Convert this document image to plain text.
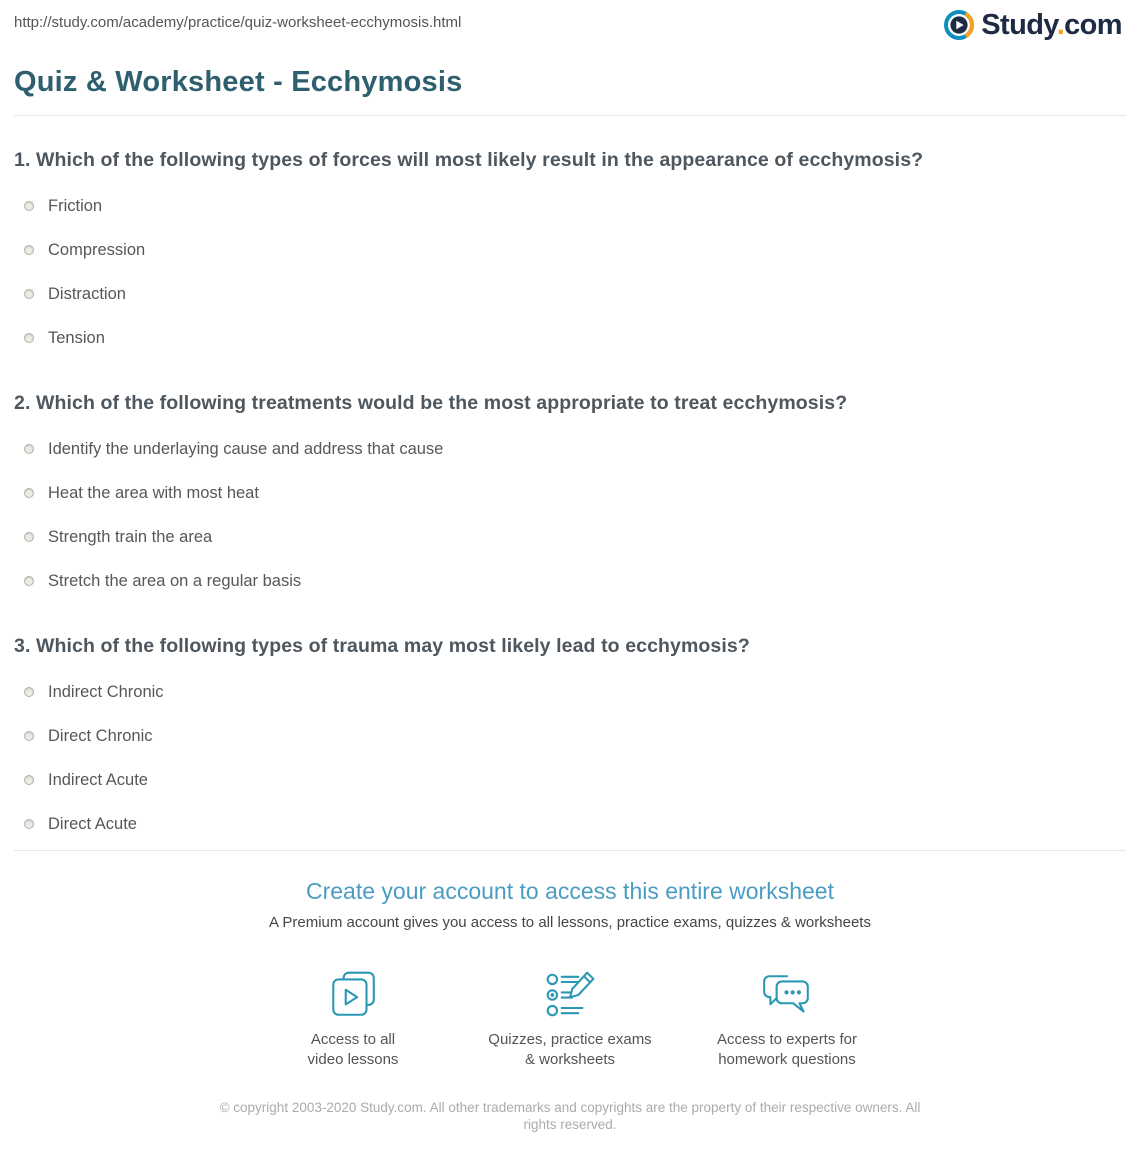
http://study.com/academy/practice/quiz-worksheet-ecchymosis.html	Study.com
Quiz & Worksheet - Ecchymosis
1. Which of the following types of forces will most likely result in the appearance of ecchymosis?
Friction
Compression
Distraction
Tension
2. Which of the following treatments would be the most appropriate to treat ecchymosis?
Identify the underlaying cause and address that cause
Heat the area with most heat
Strength train the area
Stretch the area on a regular basis
3. Which of the following types of trauma may most likely lead to ecchymosis?
Indirect Chronic
Direct Chronic
Indirect Acute
Direct Acute
Create your account to access this entire worksheet

A Premium account gives you access to all lessons, practice exams, quizzes & worksheets

Access to all
video lessons
Quizzes, practice exams
& worksheets
Access to experts for
homework questions

© copyright 2003-2020 Study.com. All other trademarks and copyrights are the property of their respective owners. All rights reserved.
